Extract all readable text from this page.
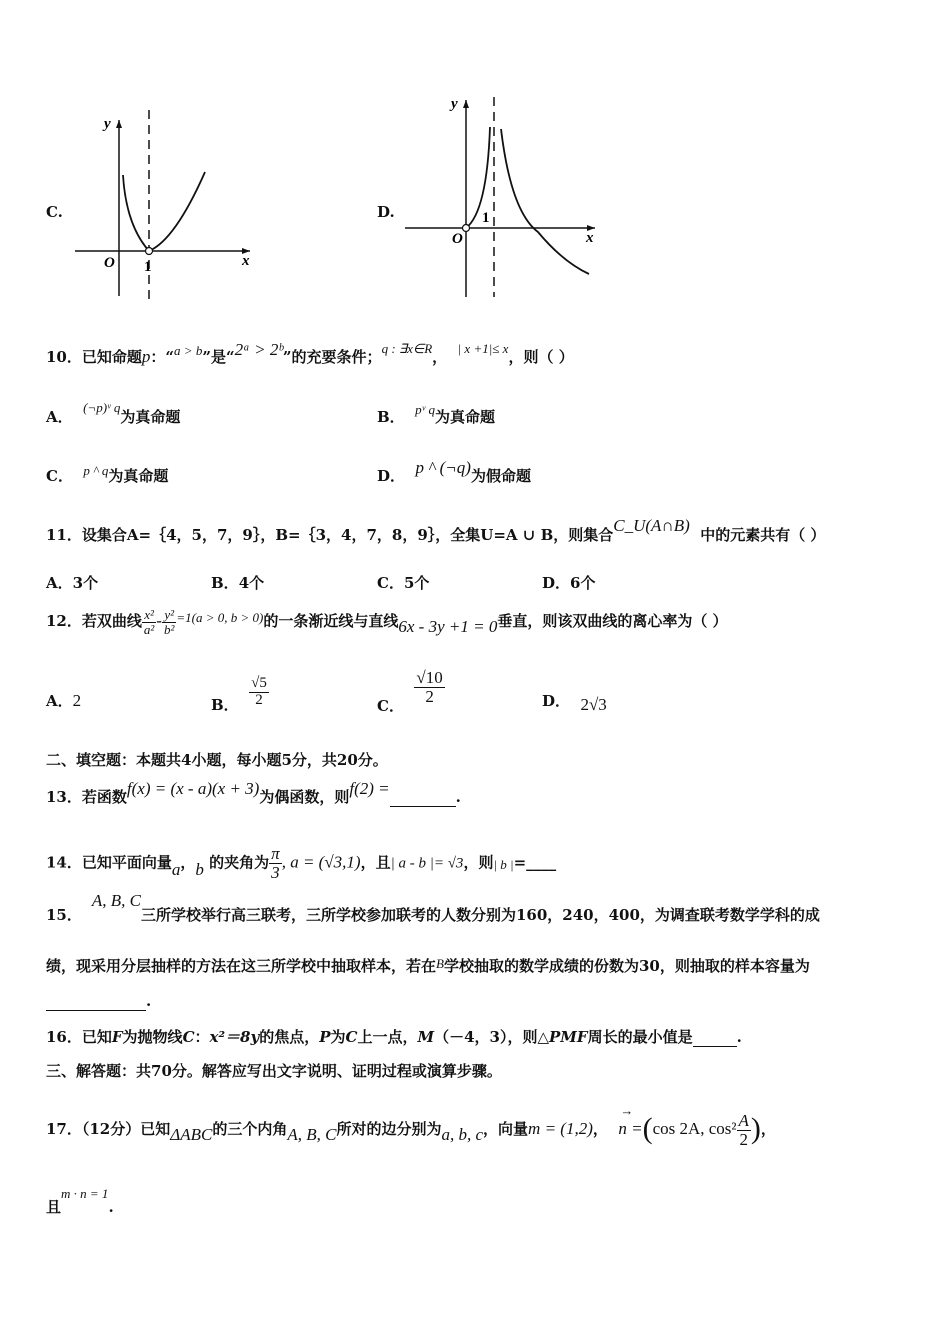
C.
y
x
O 1
D.
y
x
O
1
10．已知命题p：“a > b”是“2ᵃ > 2ᵇ”的充要条件；q : ∃x∈R， | x +1|≤ x，则（ ）
A．  (¬p)ᵛ q为真命题	B． pᵛ q为真命题
C． p ^ q为真命题	D． p ^ (¬q)为假命题
11．设集合A=｛4，5，7，9｝，B=｛3，4，7，8，9｝，全集U=A ∪ B，则集合C_U(A∩B) 中的元素共有（ ）
A．3个	B．4个	C．5个	D．6个
12．若双曲线 $\frac{\text{x²}}{\text{a²}} - \frac{\text{y²}}{\text{b²}} =1(a > 0$, b > 0)的一条渐近线与直线6x - 3y +1 = 0垂直，则该双曲线的离心率为（ ）
A．2	B． $\frac{√5}{2}$	C．
$\frac{√10}{2}$	D． 2√3
二、填空题：本题共4小题，每小题5分，共20分。
13．若函数f(x) = (x - a)(x + 3)为偶函数，则f(2) =	.
14．已知平面向量a，b 的夹角为 $\frac{\pi}{3}$ , a = (√3,1)，且| a - b |= √3，则| b |=____
15．A, B, C三所学校举行高三联考，三所学校参加联考的人数分别为160，240，400，为调查联考数学学科的成
绩，现采用分层抽样的方法在这三所学校中抽取样本，若在B学校抽取的数学成绩的份数为30，则抽取的样本容量为
.
16．已知F为抛物线C：x²＝8y的焦点，P为C上一点，M（－4，3），则△PMF周长的最小值是	.
三、解答题：共70分。解答应写出文字说明、证明过程或演算步骤。
17．（12分）已知ΔABC的三个内角A, B, C所对的边分别为a, b, c，向量m = (1,2)，
→
n =(cos 2A, $\cos^2 \frac{A}{2}$ )，
且m · n = 1.
